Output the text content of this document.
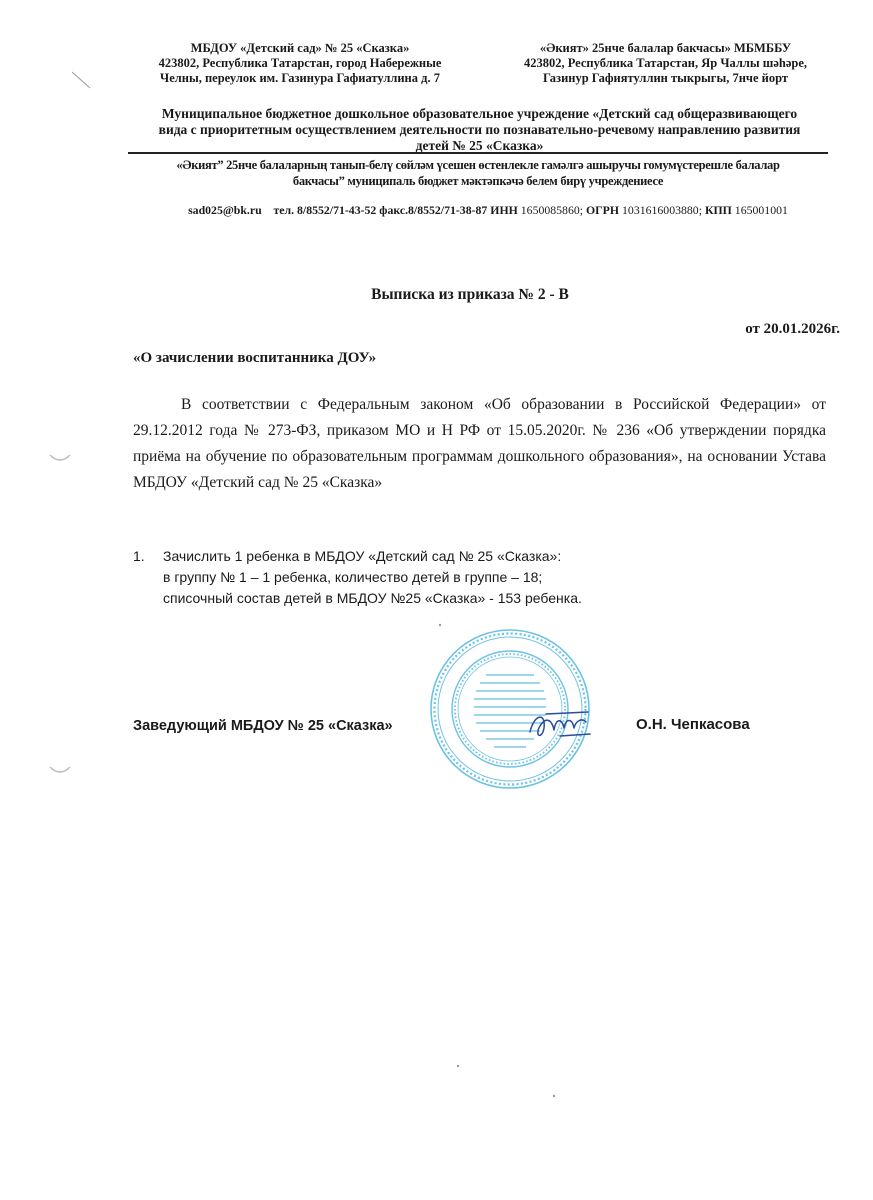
МБДОУ «Детский сад» № 25 «Сказка»
423802, Республика Татарстан, город Набережные
Челны, переулок им. Газинура Гафиатуллина д. 7
«Әкият» 25нче балалар бакчасы» МБМББУ
423802, Республика Татарстан, Яр Чаллы шәһәре,
Газинур Гафиятуллин тыкрыгы, 7нче йорт
Муниципальное бюджетное дошкольное образовательное учреждение «Детский сад общеразвивающего
вида с приоритетным осуществлением деятельности по познавательно-речевому направлению развития
детей № 25 «Сказка»
«Әкият” 25нче балаларның танып-белү сөйләм үсешен өстенлекле гамәлгә ашыручы гомумүстерешле балалар
бакчасы” муниципаль бюджет мәктәпкәчә белем бирү учреждениесе
sad025@bk.ru тел. 8/8552/71-43-52 факс.8/8552/71-38-87 ИНН 1650085860; ОГРН 1031616003880; КПП 165001001
Выписка из приказа № 2 - В
от 20.01.2026г.
«О зачислении воспитанника ДОУ»
В соответствии с Федеральным законом «Об образовании в Российской Федерации» от 29.12.2012 года № 273-ФЗ, приказом МО и Н РФ от 15.05.2020г. № 236 «Об утверждении порядка приёма на обучение по образовательным программам дошкольного образования», на основании Устава МБДОУ «Детский сад № 25 «Сказка»
1. Зачислить 1 ребенка в МБДОУ «Детский сад № 25 «Сказка»:
в группу № 1 – 1 ребенка, количество детей в группе – 18;
списочный состав детей в МБДОУ №25 «Сказка» - 153 ребенка.
Заведующий МБДОУ № 25 «Сказка»	О.Н. Чепкасова
